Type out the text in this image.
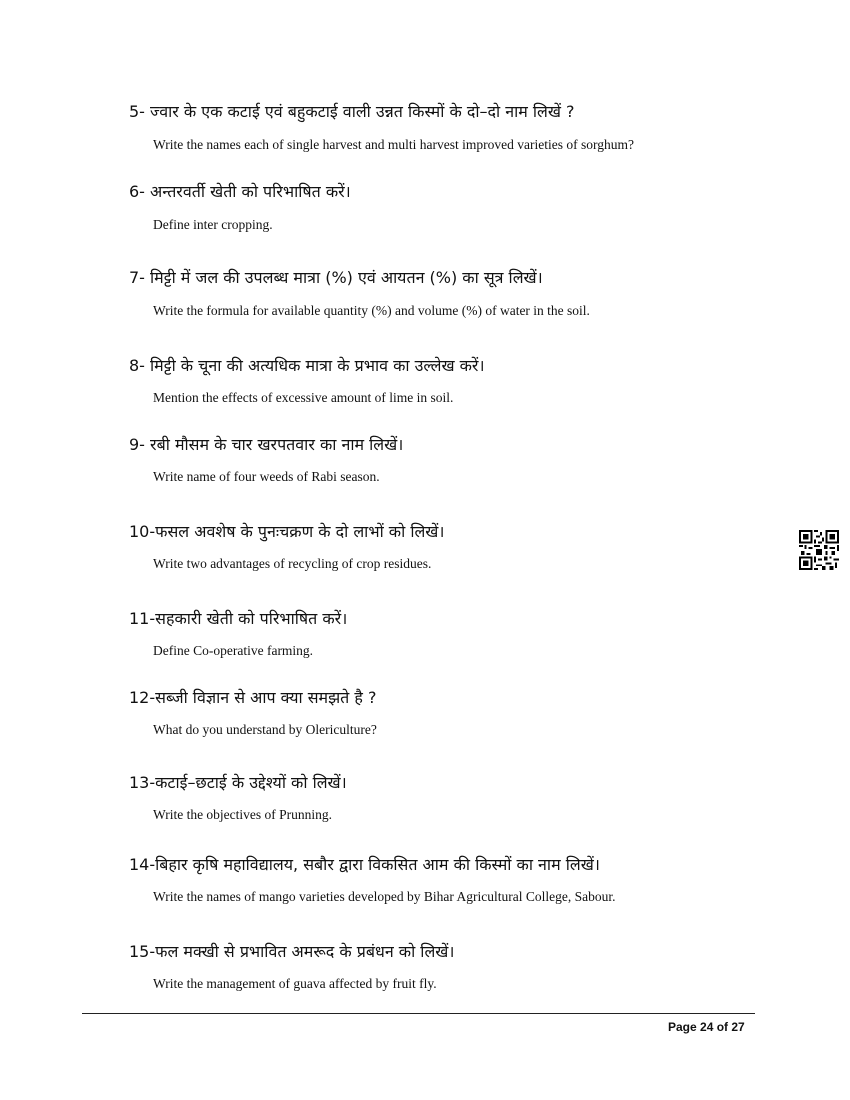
5- ज्वार के एक कटाई एवं बहुकटाई वाली उन्नत किस्मों के दो–दो नाम लिखें ?
Write the names each of single harvest and multi harvest improved varieties of sorghum?
6- अन्तरवर्ती खेती को परिभाषित करें।
Define inter cropping.
7- मिट्टी में जल की उपलब्ध मात्रा (%) एवं आयतन (%) का सूत्र लिखें।
Write the formula for available quantity (%) and volume (%) of water in the soil.
8- मिट्टी के चूना की अत्यधिक मात्रा के प्रभाव का उल्लेख करें।
Mention the effects of excessive amount of lime in soil.
9- रबी मौसम के चार खरपतवार का नाम लिखें।
Write name of four weeds of Rabi season.
10-फसल अवशेष के पुनःचक्रण के दो लाभों को लिखें।
Write two advantages of recycling of crop residues.
11-सहकारी खेती को परिभाषित करें।
Define Co-operative farming.
12-सब्जी विज्ञान से आप क्या समझते है ?
What do you understand by Olericulture?
13-कटाई–छटाई के उद्देश्यों को लिखें।
Write the objectives of Prunning.
14-बिहार कृषि महाविद्यालय, सबौर द्वारा विकसित आम की किस्मों का नाम लिखें।
Write the names of mango varieties developed by Bihar Agricultural College, Sabour.
15-फल मक्खी से प्रभावित अमरूद के प्रबंधन को लिखें।
Write the management of guava affected by fruit fly.
Page 24 of 27
